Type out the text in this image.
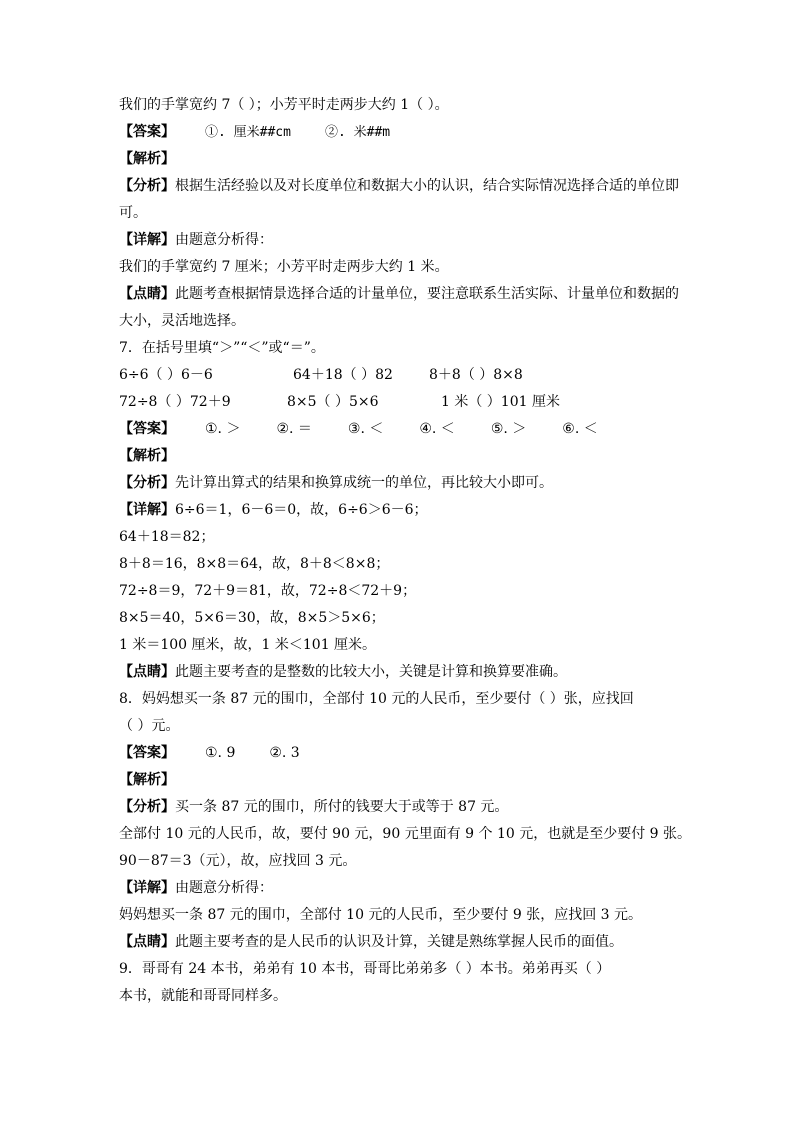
我们的手掌宽约 7（ ）；小芳平时走两步大约 1（ ）。
【答案】	①. 厘米##cm	②. 米##m
【解析】
【分析】根据生活经验以及对长度单位和数据大小的认识，结合实际情况选择合适的单位即
可。
【详解】由题意分析得：
我们的手掌宽约 7 厘米；小芳平时走两步大约 1 米。
【点睛】此题考查根据情景选择合适的计量单位，要注意联系生活实际、计量单位和数据的
大小，灵活地选择。
7．在括号里填“＞”“＜”或“＝”。
6÷6（ ）6－6	64＋18（ ）82	8＋8（ ）8×8
72÷8（ ）72＋9	8×5（ ）5×6	1 米（ ）101 厘米
【答案】	①. ＞	②. ＝	③. ＜	④. ＜	⑤. ＞	⑥. ＜
【解析】
【分析】先计算出算式的结果和换算成统一的单位，再比较大小即可。
【详解】6÷6＝1，6－6＝0，故，6÷6＞6－6；
64＋18＝82；
8＋8＝16，8×8＝64，故，8＋8＜8×8；
72÷8＝9，72＋9＝81，故，72÷8＜72＋9；
8×5＝40，5×6＝30，故，8×5＞5×6；
1 米＝100 厘米，故，1 米＜101 厘米。
【点睛】此题主要考查的是整数的比较大小，关键是计算和换算要准确。
8．妈妈想买一条 87 元的围巾，全部付 10 元的人民币，至少要付（ ）张，应找回
（ ）元。
【答案】	①. 9 ②. 3
【解析】
【分析】买一条 87 元的围巾，所付的钱要大于或等于 87 元。
全部付 10 元的人民币，故，要付 90 元，90 元里面有 9 个 10 元，也就是至少要付 9 张。
90－87＝3（元），故，应找回 3 元。
【详解】由题意分析得：
妈妈想买一条 87 元的围巾，全部付 10 元的人民币，至少要付 9 张，应找回 3 元。
【点睛】此题主要考查的是人民币的认识及计算，关键是熟练掌握人民币的面值。
9．哥哥有 24 本书，弟弟有 10 本书，哥哥比弟弟多（ ）本书。弟弟再买（ ）
本书，就能和哥哥同样多。
